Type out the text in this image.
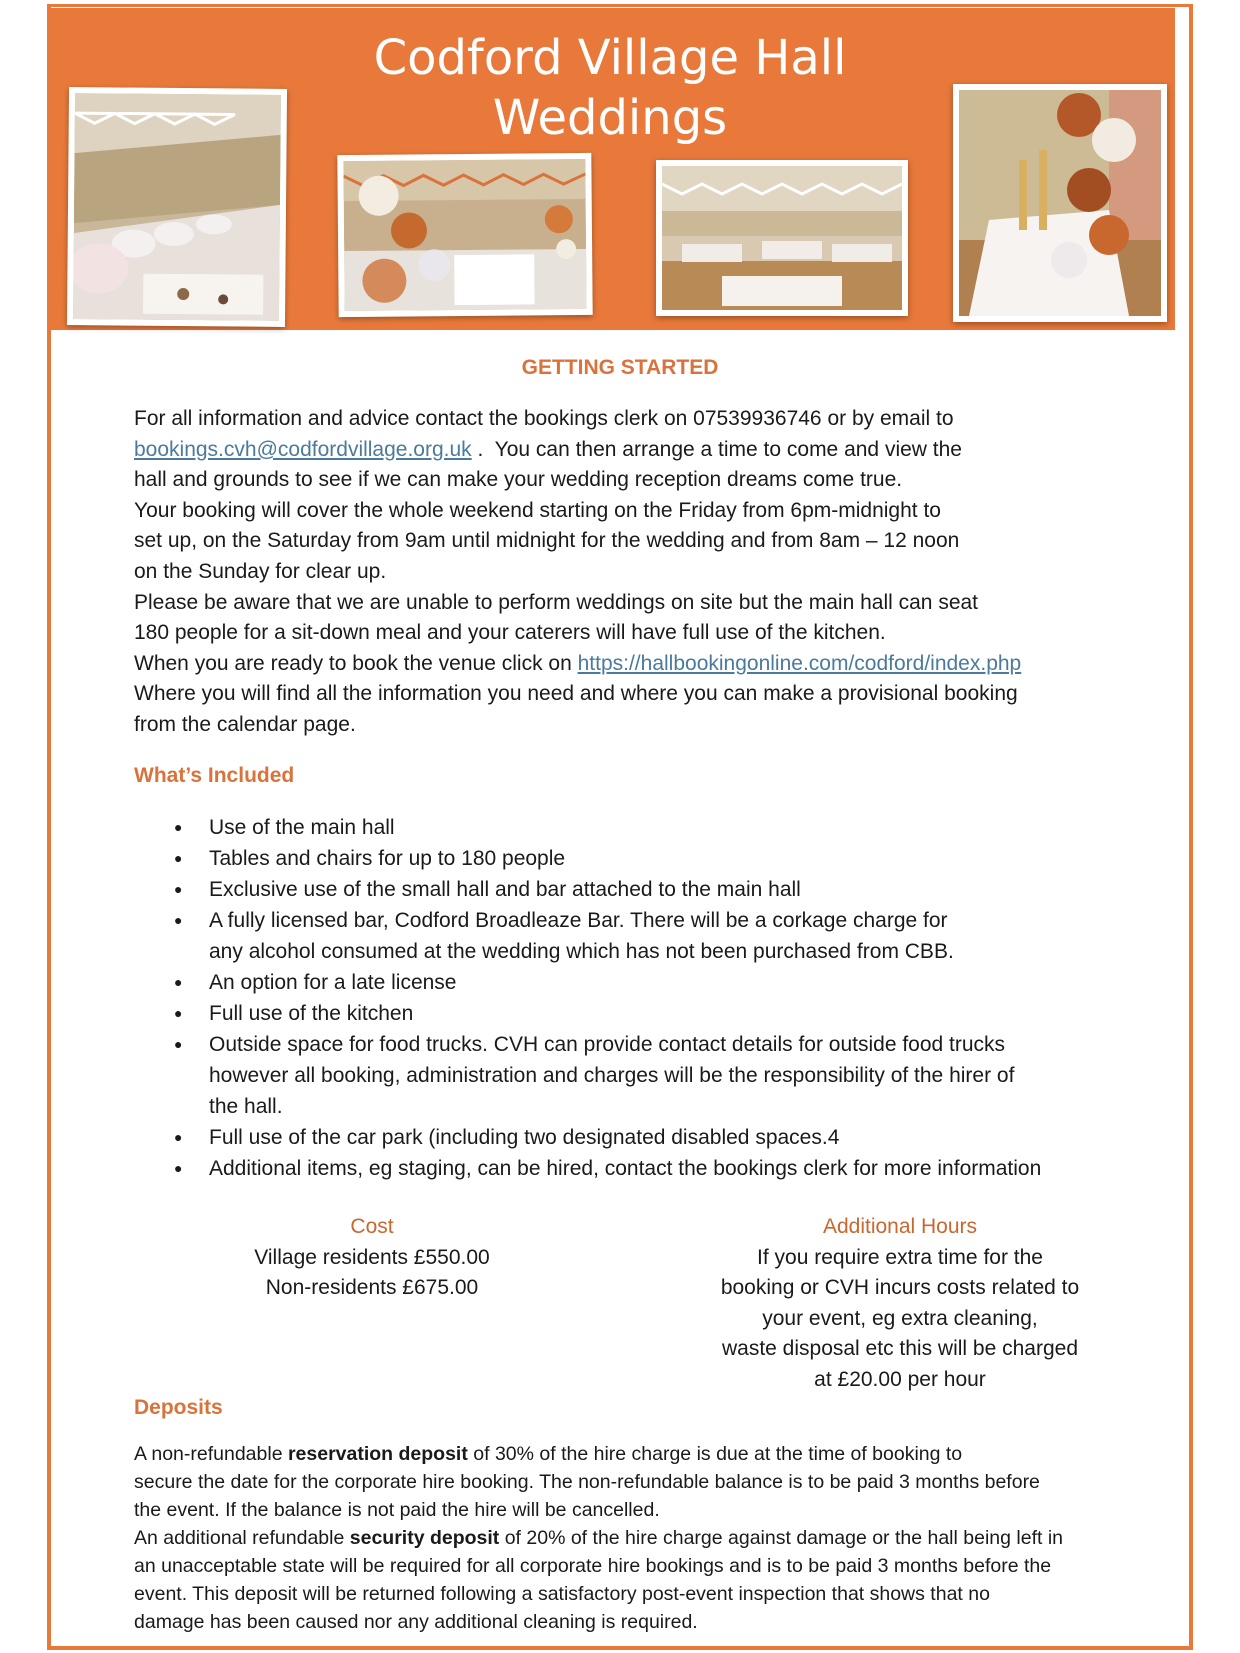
Codford Village Hall
Weddings
GETTING STARTED
For all information and advice contact the bookings clerk on 07539936746 or by email to
bookings.cvh@codfordvillage.org.uk .  You can then arrange a time to come and view the
hall and grounds to see if we can make your wedding reception dreams come true.
Your booking will cover the whole weekend starting on the Friday from 6pm-midnight to
set up, on the Saturday from 9am until midnight for the wedding and from 8am – 12 noon
on the Sunday for clear up.
Please be aware that we are unable to perform weddings on site but the main hall can seat
180 people for a sit-down meal and your caterers will have full use of the kitchen.
When you are ready to book the venue click on https://hallbookingonline.com/codford/index.php
Where you will find all the information you need and where you can make a provisional booking
from the calendar page.
What’s Included
● Use of the main hall
● Tables and chairs for up to 180 people
● Exclusive use of the small hall and bar attached to the main hall
● A fully licensed bar, Codford Broadleaze Bar. There will be a corkage charge for
any alcohol consumed at the wedding which has not been purchased from CBB.
● An option for a late license
● Full use of the kitchen
● Outside space for food trucks. CVH can provide contact details for outside food trucks
however all booking, administration and charges will be the responsibility of the hirer of
the hall.
● Full use of the car park (including two designated disabled spaces.4
● Additional items, eg staging, can be hired, contact the bookings clerk for more information
Cost
Village residents £550.00
Non-residents £675.00
Additional Hours
If you require extra time for the
booking or CVH incurs costs related to
your event, eg extra cleaning,
waste disposal etc this will be charged
at £20.00 per hour
Deposits
A non-refundable reservation deposit of 30% of the hire charge is due at the time of booking to
secure the date for the corporate hire booking. The non-refundable balance is to be paid 3 months before
the event. If the balance is not paid the hire will be cancelled.
An additional refundable security deposit of 20% of the hire charge against damage or the hall being left in
an unacceptable state will be required for all corporate hire bookings and is to be paid 3 months before the
event. This deposit will be returned following a satisfactory post-event inspection that shows that no
damage has been caused nor any additional cleaning is required.
